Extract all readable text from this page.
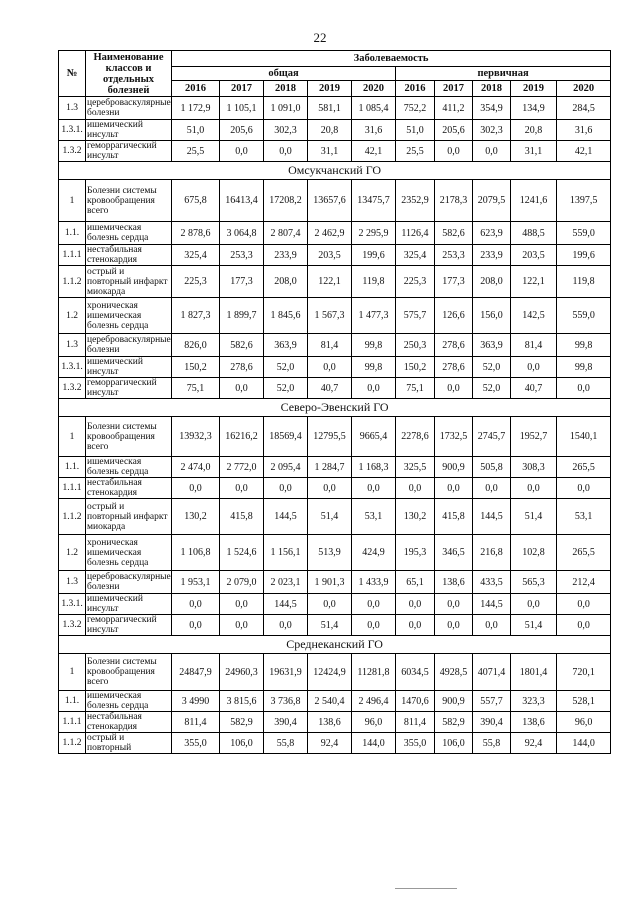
22
№	Наименование классов и отдельных болезней	Заболеваемость									
		общая					первичная				
		2016	2017	2018	2019	2020	2016	2017	2018	2019	2020
1.3	цереброваскулярные болезни	1 172,9	1 105,1	1 091,0	581,1	1 085,4	752,2	411,2	354,9	134,9	284,5
1.3.1.	ишемический инсульт	51,0	205,6	302,3	20,8	31,6	51,0	205,6	302,3	20,8	31,6
1.3.2	геморрагический инсульт	25,5	0,0	0,0	31,1	42,1	25,5	0,0	0,0	31,1	42,1
Омсукчанский ГО											
1	Болезни системы кровообращения всего	675,8	16413,4	17208,2	13657,6	13475,7	2352,9	2178,3	2079,5	1241,6	1397,5
1.1.	ишемическая болезнь сердца	2 878,6	3 064,8	2 807,4	2 462,9	2 295,9	1126,4	582,6	623,9	488,5	559,0
1.1.1	нестабильная стенокардия	325,4	253,3	233,9	203,5	199,6	325,4	253,3	233,9	203,5	199,6
1.1.2	острый и повторный инфаркт миокарда	225,3	177,3	208,0	122,1	119,8	225,3	177,3	208,0	122,1	119,8
1.2	хроническая ишемическая болезнь сердца	1 827,3	1 899,7	1 845,6	1 567,3	1 477,3	575,7	126,6	156,0	142,5	559,0
1.3	цереброваскулярные болезни	826,0	582,6	363,9	81,4	99,8	250,3	278,6	363,9	81,4	99,8
1.3.1.	ишемический инсульт	150,2	278,6	52,0	0,0	99,8	150,2	278,6	52,0	0,0	99,8
1.3.2	геморрагический инсульт	75,1	0,0	52,0	40,7	0,0	75,1	0,0	52,0	40,7	0,0
Северо-Эвенский ГО											
1	Болезни системы кровообращения всего	13932,3	16216,2	18569,4	12795,5	9665,4	2278,6	1732,5	2745,7	1952,7	1540,1
1.1.	ишемическая болезнь сердца	2 474,0	2 772,0	2 095,4	1 284,7	1 168,3	325,5	900,9	505,8	308,3	265,5
1.1.1	нестабильная стенокардия	0,0	0,0	0,0	0,0	0,0	0,0	0,0	0,0	0,0	0,0
1.1.2	острый и повторный инфаркт миокарда	130,2	415,8	144,5	51,4	53,1	130,2	415,8	144,5	51,4	53,1
1.2	хроническая ишемическая болезнь сердца	1 106,8	1 524,6	1 156,1	513,9	424,9	195,3	346,5	216,8	102,8	265,5
1.3	цереброваскулярные болезни	1 953,1	2 079,0	2 023,1	1 901,3	1 433,9	65,1	138,6	433,5	565,3	212,4
1.3.1.	ишемический инсульт	0,0	0,0	144,5	0,0	0,0	0,0	0,0	144,5	0,0	0,0
1.3.2	геморрагический инсульт	0,0	0,0	0,0	51,4	0,0	0,0	0,0	0,0	51,4	0,0
Среднеканский ГО											
1	Болезни системы кровообращения всего	24847,9	24960,3	19631,9	12424,9	11281,8	6034,5	4928,5	4071,4	1801,4	720,1
1.1.	ишемическая болезнь сердца	3 4990	3 815,6	3 736,8	2 540,4	2 496,4	1470,6	900,9	557,7	323,3	528,1
1.1.1	нестабильная стенокардия	811,4	582,9	390,4	138,6	96,0	811,4	582,9	390,4	138,6	96,0
1.1.2	острый и повторный	355,0	106,0	55,8	92,4	144,0	355,0	106,0	55,8	92,4	144,0
